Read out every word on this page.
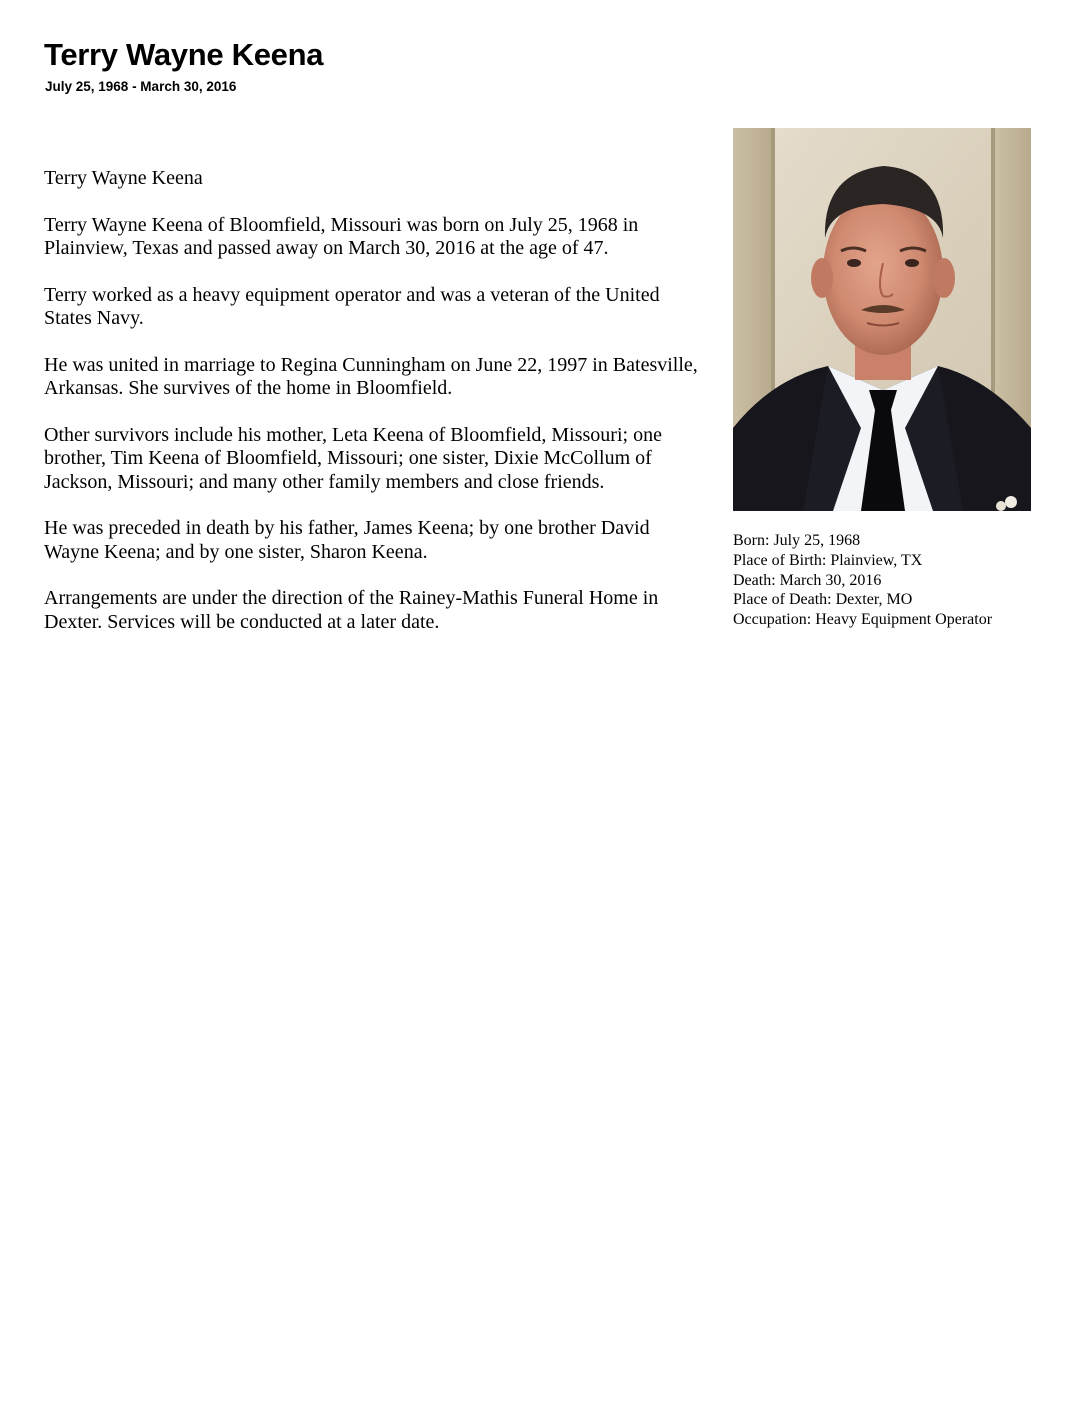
Terry Wayne Keena
July 25, 1968 - March 30, 2016

Terry Wayne Keena

Terry Wayne Keena of Bloomfield, Missouri was born on July 25, 1968 in Plainview, Texas and passed away on March 30, 2016 at the age of 47.

Terry worked as a heavy equipment operator and was a veteran of the United States Navy.

He was united in marriage to Regina Cunningham on June 22, 1997 in Batesville, Arkansas. She survives of the home in Bloomfield.

Other survivors include his mother, Leta Keena of Bloomfield, Missouri; one brother, Tim Keena of Bloomfield, Missouri; one sister, Dixie McCollum of Jackson, Missouri; and many other family members and close friends.

He was preceded in death by his father, James Keena; by one brother David Wayne Keena; and by one sister, Sharon Keena.

Arrangements are under the direction of the Rainey-Mathis Funeral Home in Dexter. Services will be conducted at a later date.

Born: July 25, 1968
Place of Birth: Plainview, TX
Death: March 30, 2016
Place of Death: Dexter, MO
Occupation: Heavy Equipment Operator
